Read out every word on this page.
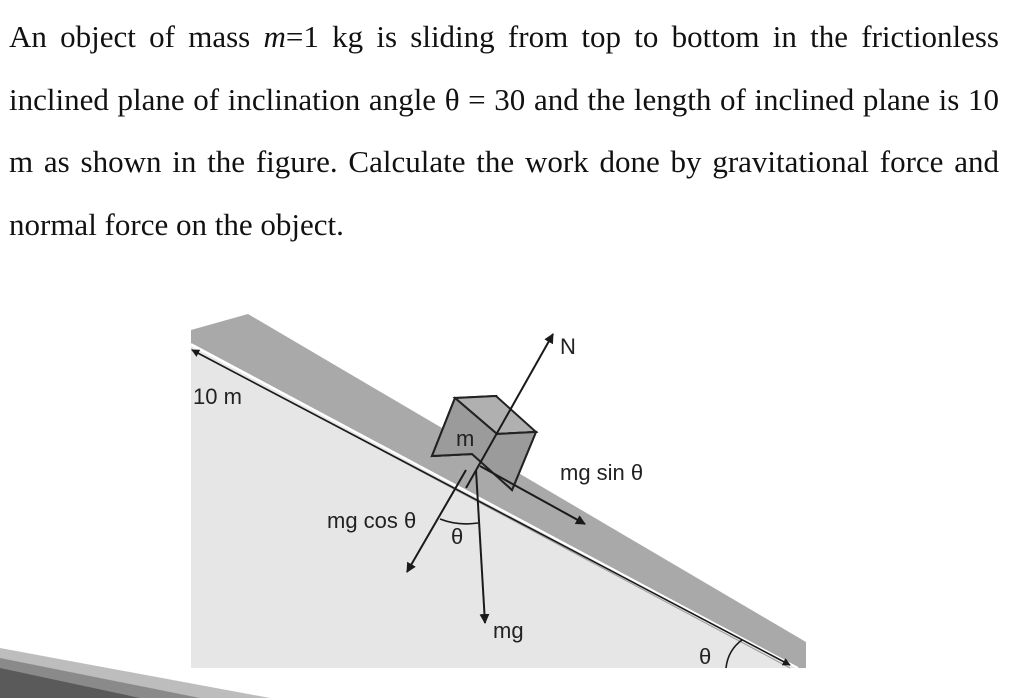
An object of mass m=1 kg is sliding from top to bottom in the frictionless inclined plane of inclination angle θ = 30 and the length of inclined plane is 10 m as shown in the figure. Calculate the work done by gravitational force and normal force on the object.

10 m
m
N
mg sin θ
mg cos θ
θ
mg
θ
